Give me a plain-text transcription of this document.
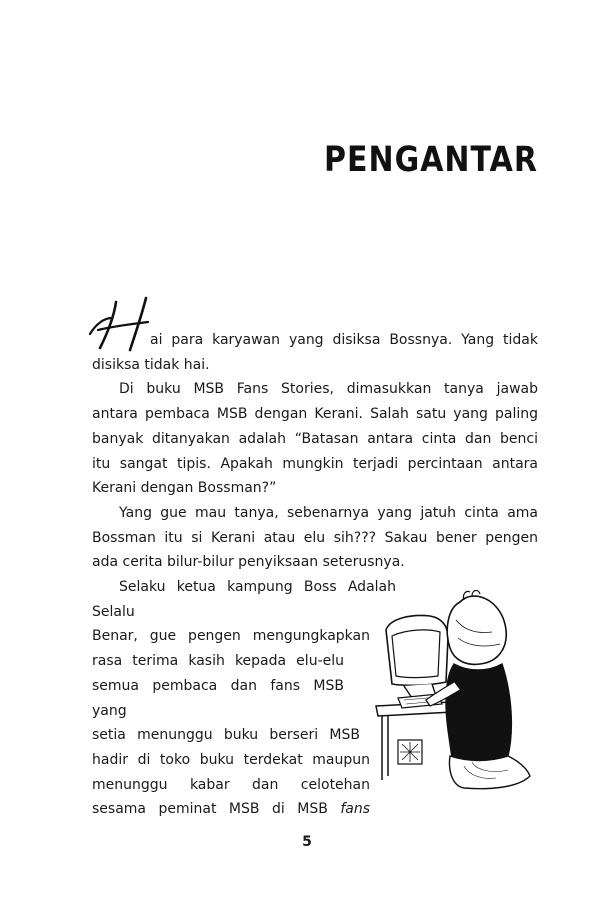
PENGANTAR
ai para karyawan yang disiksa Bossnya. Yang tidak
disiksa tidak hai.
Di buku MSB Fans Stories, dimasukkan tanya jawab
antara pembaca MSB dengan Kerani. Salah satu yang paling
banyak ditanyakan adalah “Batasan antara cinta dan benci
itu sangat tipis. Apakah mungkin terjadi percintaan antara
Kerani dengan Bossman?”
Yang gue mau tanya, sebenarnya yang jatuh cinta ama
Bossman itu si Kerani atau elu sih??? Sakau bener pengen
ada cerita bilur-bilur penyiksaan seterusnya.
Selaku ketua kampung Boss Adalah Selalu
Benar, gue pengen mengungkapkan
rasa terima kasih kepada elu-elu
semua pembaca dan fans MSB yang
setia menunggu buku berseri MSB
hadir di toko buku terdekat maupun
menunggu kabar dan celotehan
sesama peminat MSB di MSB fans
5
